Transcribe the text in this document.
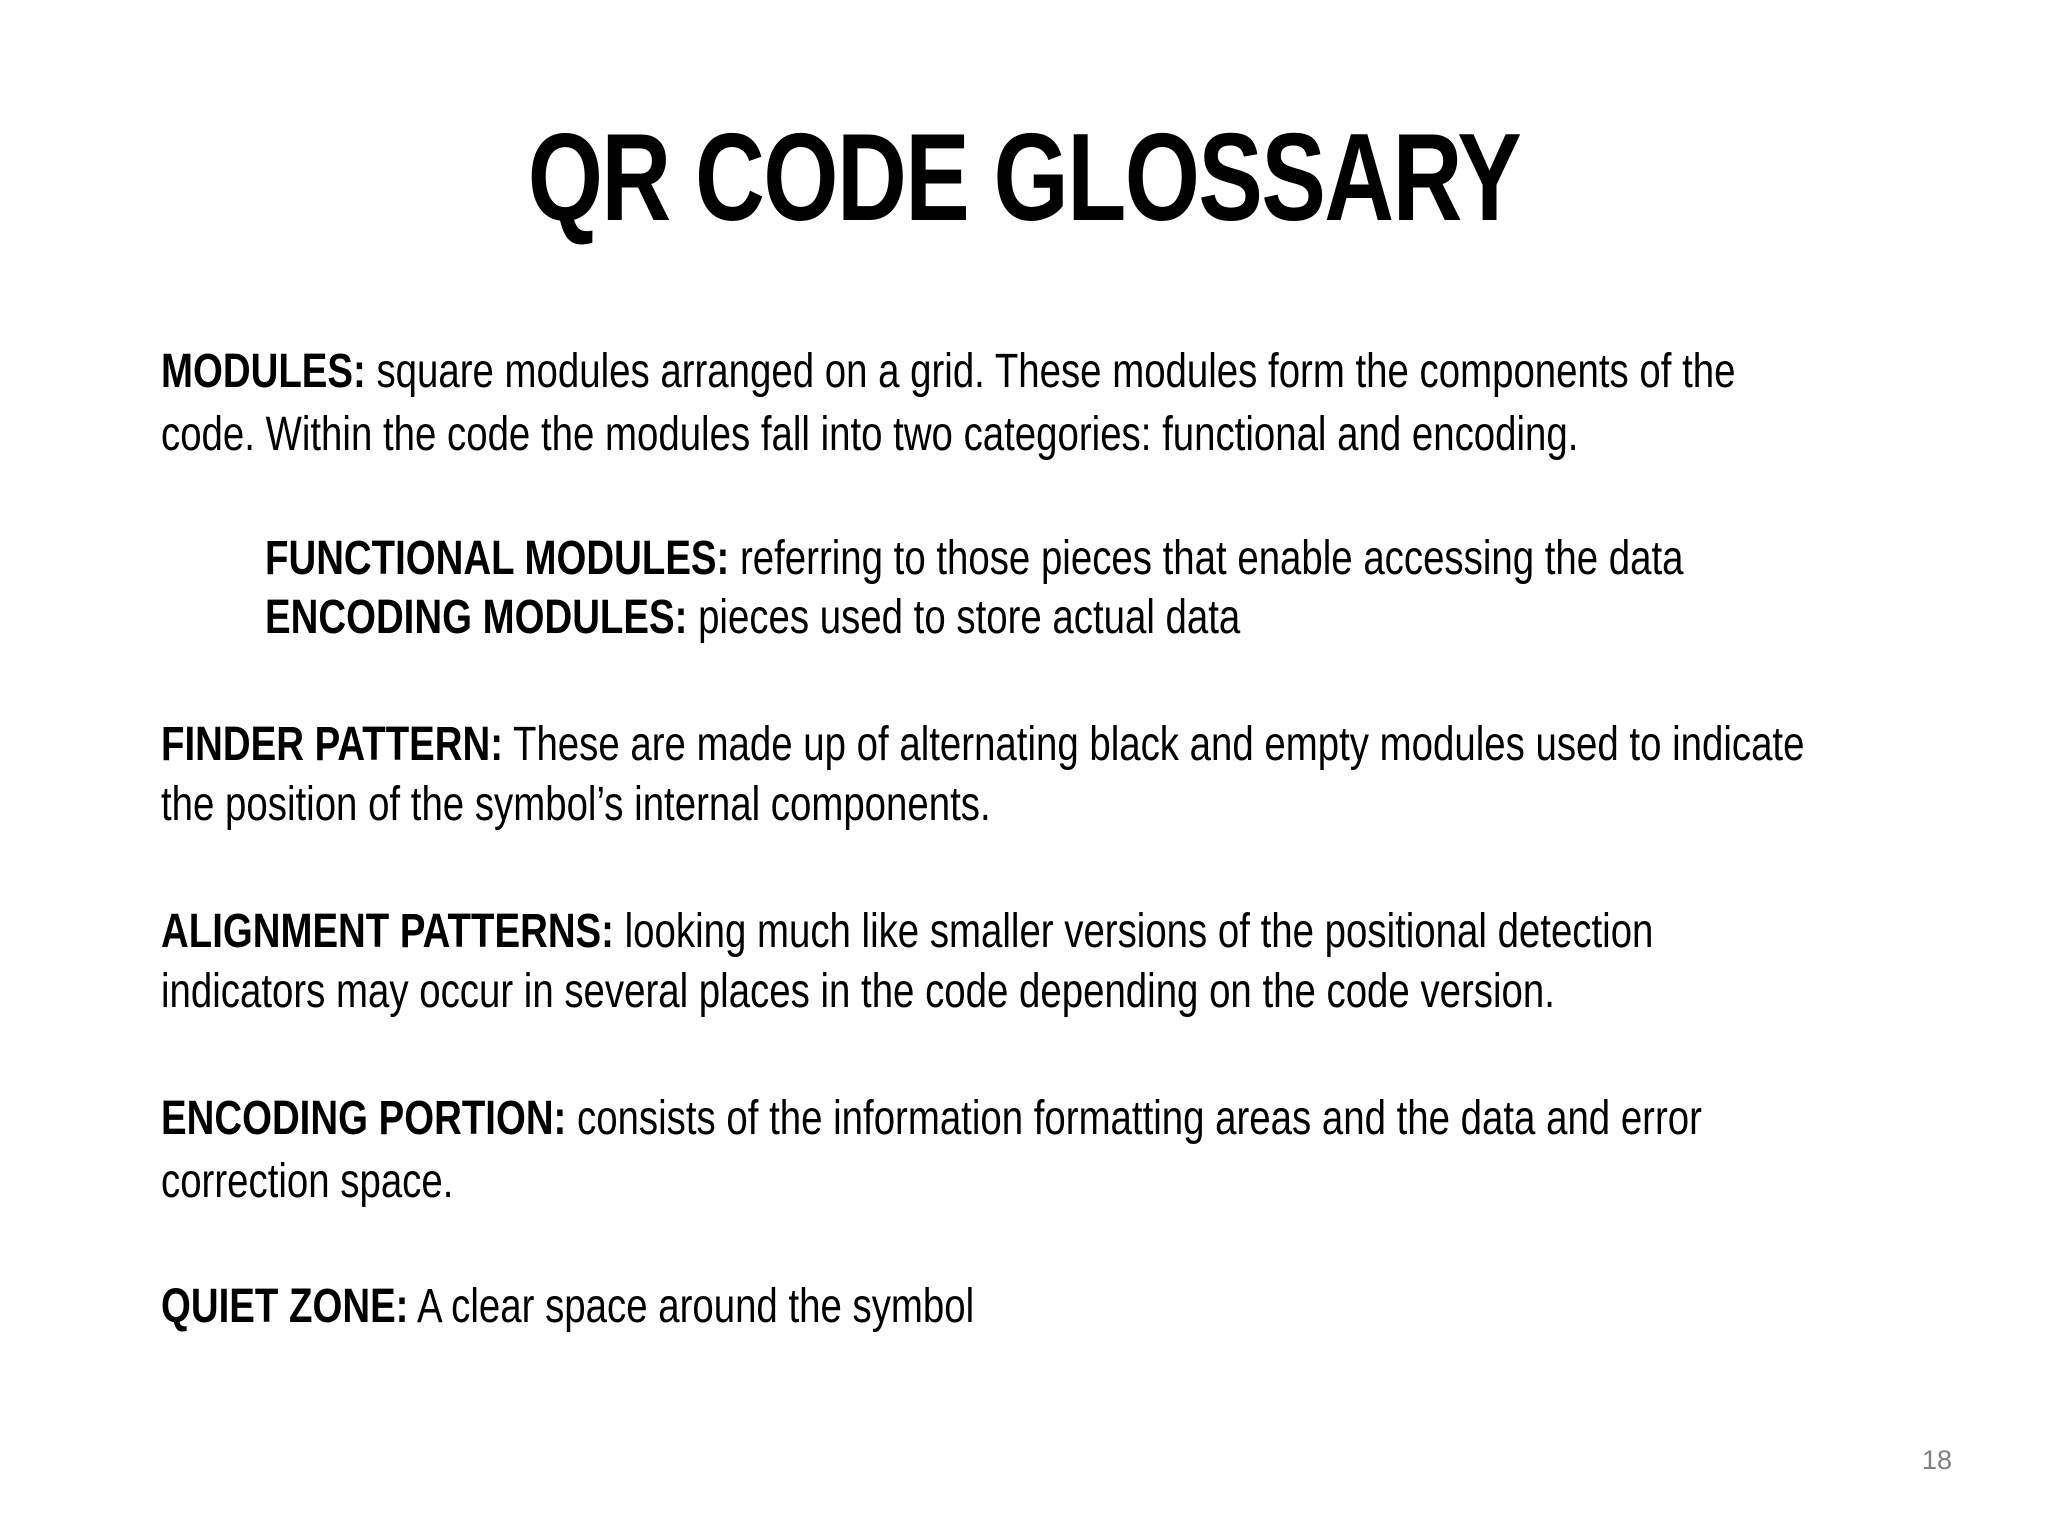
QR CODE GLOSSARY

MODULES: square modules arranged on a grid. These modules form the components of the

code. Within the code the modules fall into two categories: functional and encoding.

FUNCTIONAL MODULES: referring to those pieces that enable accessing the data

ENCODING MODULES: pieces used to store actual data

FINDER PATTERN: These are made up of alternating black and empty modules used to indicate

the position of the symbol’s internal components.

ALIGNMENT PATTERNS: looking much like smaller versions of the positional detection

indicators may occur in several places in the code depending on the code version.

ENCODING PORTION: consists of the information formatting areas and the data and error

correction space.

QUIET ZONE: A clear space around the symbol

18
